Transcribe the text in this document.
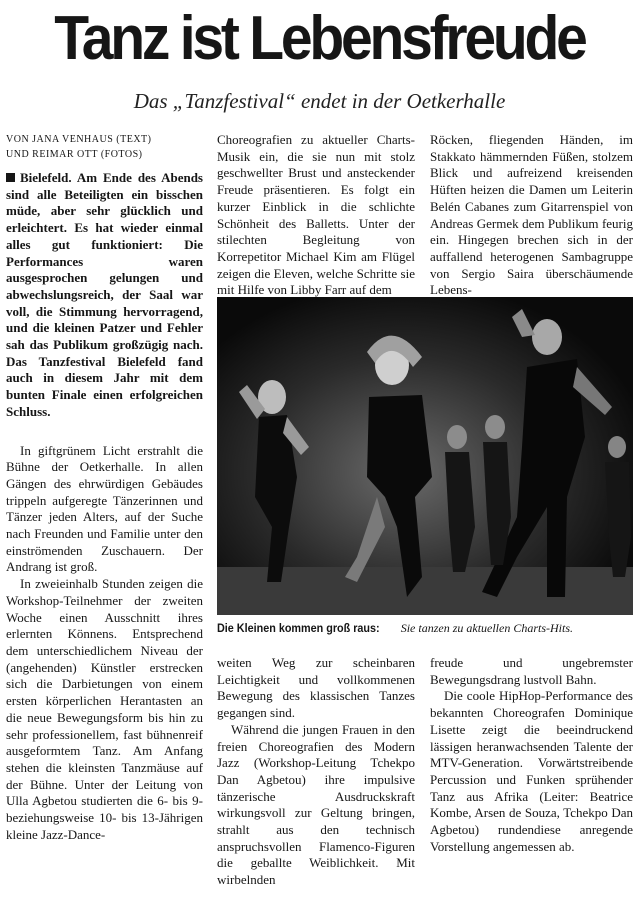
Tanz ist Lebensfreude
Das „Tanzfestival“ endet in der Oetkerhalle
VON JANA VENHAUS (TEXT)
UND REIMAR OTT (FOTOS)

Bielefeld. Am Ende des Abends sind alle Beteiligten ein bisschen müde, aber sehr glücklich und erleichtert. Es hat wieder einmal alles gut funktioniert: Die Performances waren ausgesprochen gelungen und abwechslungsreich, der Saal war voll, die Stimmung hervorragend, und die kleinen Patzer und Fehler sah das Publikum großzügig nach. Das Tanzfestival Bielefeld fand auch in diesem Jahr mit dem bunten Finale einen erfolgreichen Schluss.

In giftgrünem Licht erstrahlt die Bühne der Oetkerhalle. In allen Gängen des ehrwürdigen Gebäudes trippeln aufgeregte Tänzerinnen und Tänzer jeden Alters, auf der Suche nach Freunden und Familie unter den einströmenden Zuschauern. Der Andrang ist groß.

In zweieinhalb Stunden zeigen die Workshop-Teilnehmer der zweiten Woche einen Ausschnitt ihres erlernten Könnens. Entsprechend dem unterschiedlichem Niveau der (angehenden) Künstler erstrecken sich die Darbietungen von einem ersten körperlichen Herantasten an die neue Bewegungsform bis hin zu sehr professionellem, fast bühnenreif ausgeformtem Tanz. Am Anfang stehen die kleinsten Tanzmäuse auf der Bühne. Unter der Leitung von Ulla Agbetou studierten die 6- bis 9- beziehungsweise 10- bis 13-Jährigen kleine Jazz-Dance-

Choreografien zu aktueller Charts-Musik ein, die sie nun mit stolz geschwellter Brust und ansteckender Freude präsentieren. Es folgt ein kurzer Einblick in die schlichte Schönheit des Balletts. Unter der stilechten Begleitung von Korrepetitor Michael Kim am Flügel zeigen die Eleven, welche Schritte sie mit Hilfe von Libby Farr auf dem

Röcken, fliegenden Händen, im Stakkato hämmernden Füßen, stolzem Blick und aufreizend kreisenden Hüften heizen die Damen um Leiterin Belén Cabanes zum Gitarrenspiel von Andreas Germek dem Publikum feurig ein. Hingegen brechen sich in der auffallend heterogenen Sambagruppe von Sergio Saira überschäumende Lebens-

Die Kleinen kommen groß raus: Sie tanzen zu aktuellen Charts-Hits.

weiten Weg zur scheinbaren Leichtigkeit und vollkommenen Bewegung des klassischen Tanzes gegangen sind.

Während die jungen Frauen in den freien Choreografien des Modern Jazz (Workshop-Leitung Tchekpo Dan Agbetou) ihre impulsive tänzerische Ausdruckskraft wirkungsvoll zur Geltung bringen, strahlt aus den technisch anspruchsvollen Flamenco-Figuren die geballte Weiblichkeit. Mit wirbelnden

freude und ungebremster Bewegungsdrang lustvoll Bahn.

Die coole HipHop-Performance des bekannten Choreografen Dominique Lisette zeigt die beeindruckend lässigen heranwachsenden Talente der MTV-Generation. Vorwärtstreibende Percussion und Funken sprühender Tanz aus Afrika (Leiter: Beatrice Kombe, Arsen de Souza, Tchekpo Dan Agbetou) rundendiese anregende Vorstellung angemessen ab.
